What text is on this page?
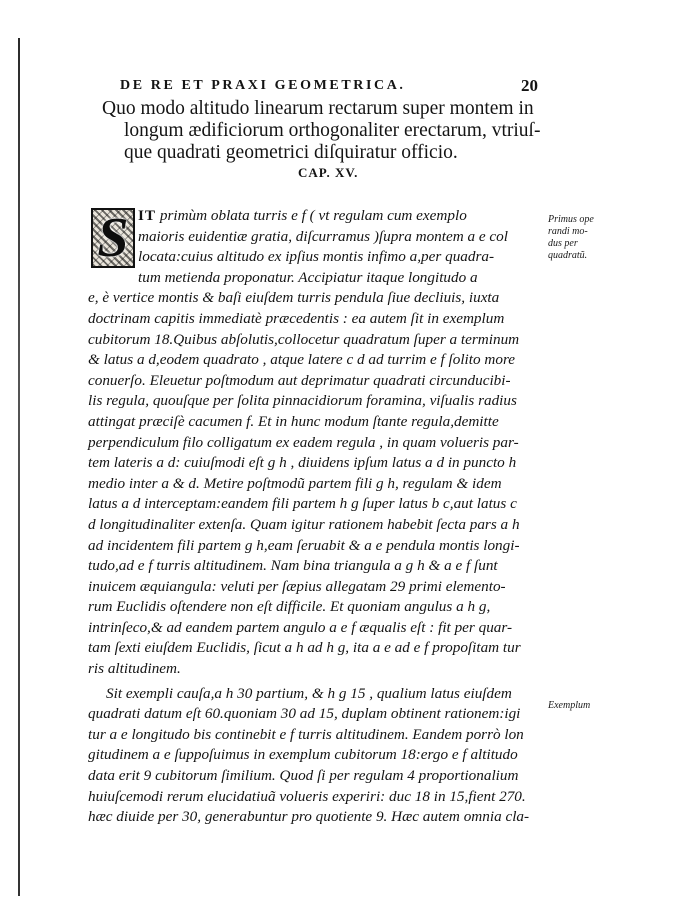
DE RE ET PRAXI GEOMETRICA.	20
Quo modo altitudo linearum rectarum super montem in
longum ædificiorum orthogonaliter erectarum, vtriuſ-
que quadrati geometrici diſquiratur officio.
CAP. XV.
S IT primùm oblata turris e f ( vt regulam cum exemplo
maioris euidentiæ gratia, diſcurramus )ſupra montem a e col
locata:cuius altitudo ex ipſius montis infimo a,per quadra-
tum metienda proponatur. Accipiatur itaque longitudo a
e, è vertice montis & baſi eiuſdem turris pendula ſiue decliuis, iuxta
doctrinam capitis immediatè præcedentis : ea autem ſit in exemplum
cubitorum 18.Quibus abſolutis,collocetur quadratum ſuper a terminum
& latus a d,eodem quadrato , atque latere c d ad turrim e f ſolito more
conuerſo. Eleuetur poſtmodum aut deprimatur quadrati circunducibi-
lis regula, quouſque per ſolita pinnacidiorum foramina, viſualis radius
attingat præciſè cacumen f. Et in hunc modum ſtante regula,demitte
perpendiculum filo colligatum ex eadem regula , in quam volueris par-
tem lateris a d: cuiuſmodi eſt g h , diuidens ipſum latus a d in puncto h
medio inter a & d. Metire poſtmodũ partem fili g h, regulam & idem
latus a d interceptam:eandem fili partem h g ſuper latus b c,aut latus c
d longitudinaliter extenſa. Quam igitur rationem habebit ſecta pars a h
ad incidentem fili partem g h,eam ſeruabit & a e pendula montis longi-
tudo,ad e f turris altitudinem. Nam bina triangula a g h & a e f ſunt
inuicem æquiangula: veluti per ſæpius allegatam 29 primi elemento-
rum Euclidis oſtendere non eſt difficile. Et quoniam angulus a h g,
intrinſeco,& ad eandem partem angulo a e f æqualis eſt : fit per quar-
tam ſexti eiuſdem Euclidis, ſicut a h ad h g, ita a e ad e f propoſitam tur
ris altitudinem.
Sit exempli cauſa,a h 30 partium, & h g 15 , qualium latus eiuſdem
quadrati datum eſt 60.quoniam 30 ad 15, duplam obtinent rationem:igi
tur a e longitudo bis continebit e f turris altitudinem. Eandem porrò lon
gitudinem a e ſuppoſuimus in exemplum cubitorum 18:ergo e f altitudo
data erit 9 cubitorum ſimilium. Quod ſi per regulam 4 proportionalium
huiuſcemodi rerum elucidatiuã volueris experiri: duc 18 in 15,fient 270.
hæc diuide per 30, generabuntur pro quotiente 9. Hæc autem omnia cla-
Primus ope
randi mo-
dus per
quadratũ.
Exemplum
